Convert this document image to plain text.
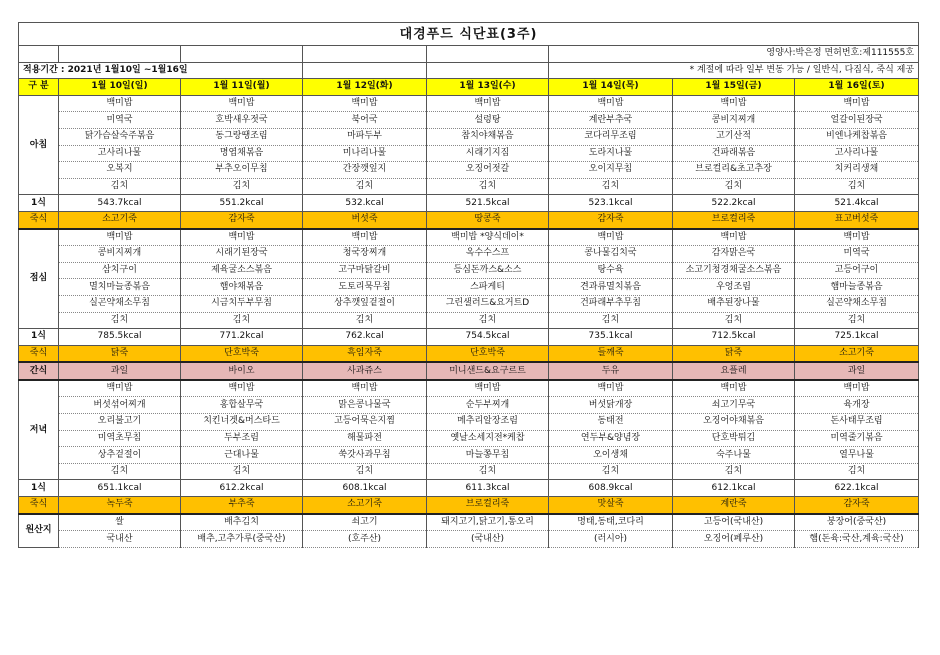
대경푸드 식단표(3주)							
					영양사:박은정 면허번호:제111555호		
적용기간 : 2021년 1월10일 ~1월16일					* 계절에 따라 일부 변동 가능 / 일반식, 다짐식, 죽식 제공		
구 분	1월 10일(일)	1월 11일(월)	1월 12일(화)	1월 13일(수)	1월 14일(목)	1월 15일(금)	1월 16일(토)
아침	백미밥	백미밥	백미밥	백미밥	백미밥	백미밥	백미밥
	미역국	호박새우젓국	북어국	설렁탕	계란부추국	콩비지찌개	얼갈이된장국
	닭가슴살숙주볶음	동그랑땡조림	마파두부	참치야채볶음	코다리무조림	고기산적	비엔나케찹볶음
	고사리나물	명엽채볶음	미나리나물	시래기지짐	도라지나물	건파래볶음	고사리나물
	오복지	부추오이무침	간장깻잎지	오징어젓갈	오이지무침	브로컬리&초고추장	치커리생채
	김치	김치	김치	김치	김치	김치	김치
1식	543.7kcal	551.2kcal	532.kcal	521.5kcal	523.1kcal	522.2kcal	521.4kcal
죽식	소고기죽	감자죽	버섯죽	땅콩죽	감자죽	브로컬리죽	표고버섯죽
점심	백미밥	백미밥	백미밥	백미밥 *양식데이*	백미밥	백미밥	백미밥
	콩비지찌개	시래기된장국	청국장찌개	옥수수스프	콩나물김치국	감자맑은국	미역국
	삼치구이	제육굴소스볶음	고구마닭갈비	등심돈까스&소스	탕수육	소고기청경채굴소스볶음	고등어구이
	멸치마늘종볶음	햄야채볶음	도토리묵무침	스파게티	견과류멸치볶음	우엉조림	햄마늘종볶음
	실곤약채소무침	시금치두부무침	상추깻잎겉절이	그린샐러드&요거트D	건파래부추무침	배추된장나물	실곤약채소무침
	김치	김치	김치	김치	김치	김치	김치
1식	785.5kcal	771.2kcal	762.kcal	754.5kcal	735.1kcal	712.5kcal	725.1kcal
죽식	닭죽	단호박죽	흑임자죽	단호박죽	들깨죽	닭죽	소고기죽
간식	과일	바이오	사과쥬스	미니샌드&요구르트	두유	요플레	과일
저녁	백미밥	백미밥	백미밥	백미밥	백미밥	백미밥	백미밥
	버섯섞어찌개	홍합살무국	맑은콩나물국	순두부찌개	버섯닭개장	쇠고기무국	육개장
	오리불고기	치킨너겟&머스타드	고등어묵은지찜	메추리알장조림	동태전	오징어야채볶음	돈사태무조림
	미역초무침	두부조림	해물파전	옛날소세지전*케찹	연두부&양념장	단호박튀김	미역줄기볶음
	상추겉절이	근대나물	쑥갓사과무침	마늘쫑무침	오이생채	숙주나물	열무나물
	김치	김치	김치	김치	김치	김치	김치
1식	651.1kcal	612.2kcal	608.1kcal	611.3kcal	608.9kcal	612.1kcal	622.1kcal
죽식	녹두죽	부추죽	소고기죽	브로컬리죽	맛살죽	계란죽	감자죽
원산지	쌀	배추김치	쇠고기	돼지고기,닭고기,통오리	명태,동태,코다리	고등어(국내산)	붕장어(중국산)
	국내산	배추,고추가루(중국산)	(호주산)	(국내산)	(러시아)	오징어(페루산)	햄(돈육:국산,계육:국산)
